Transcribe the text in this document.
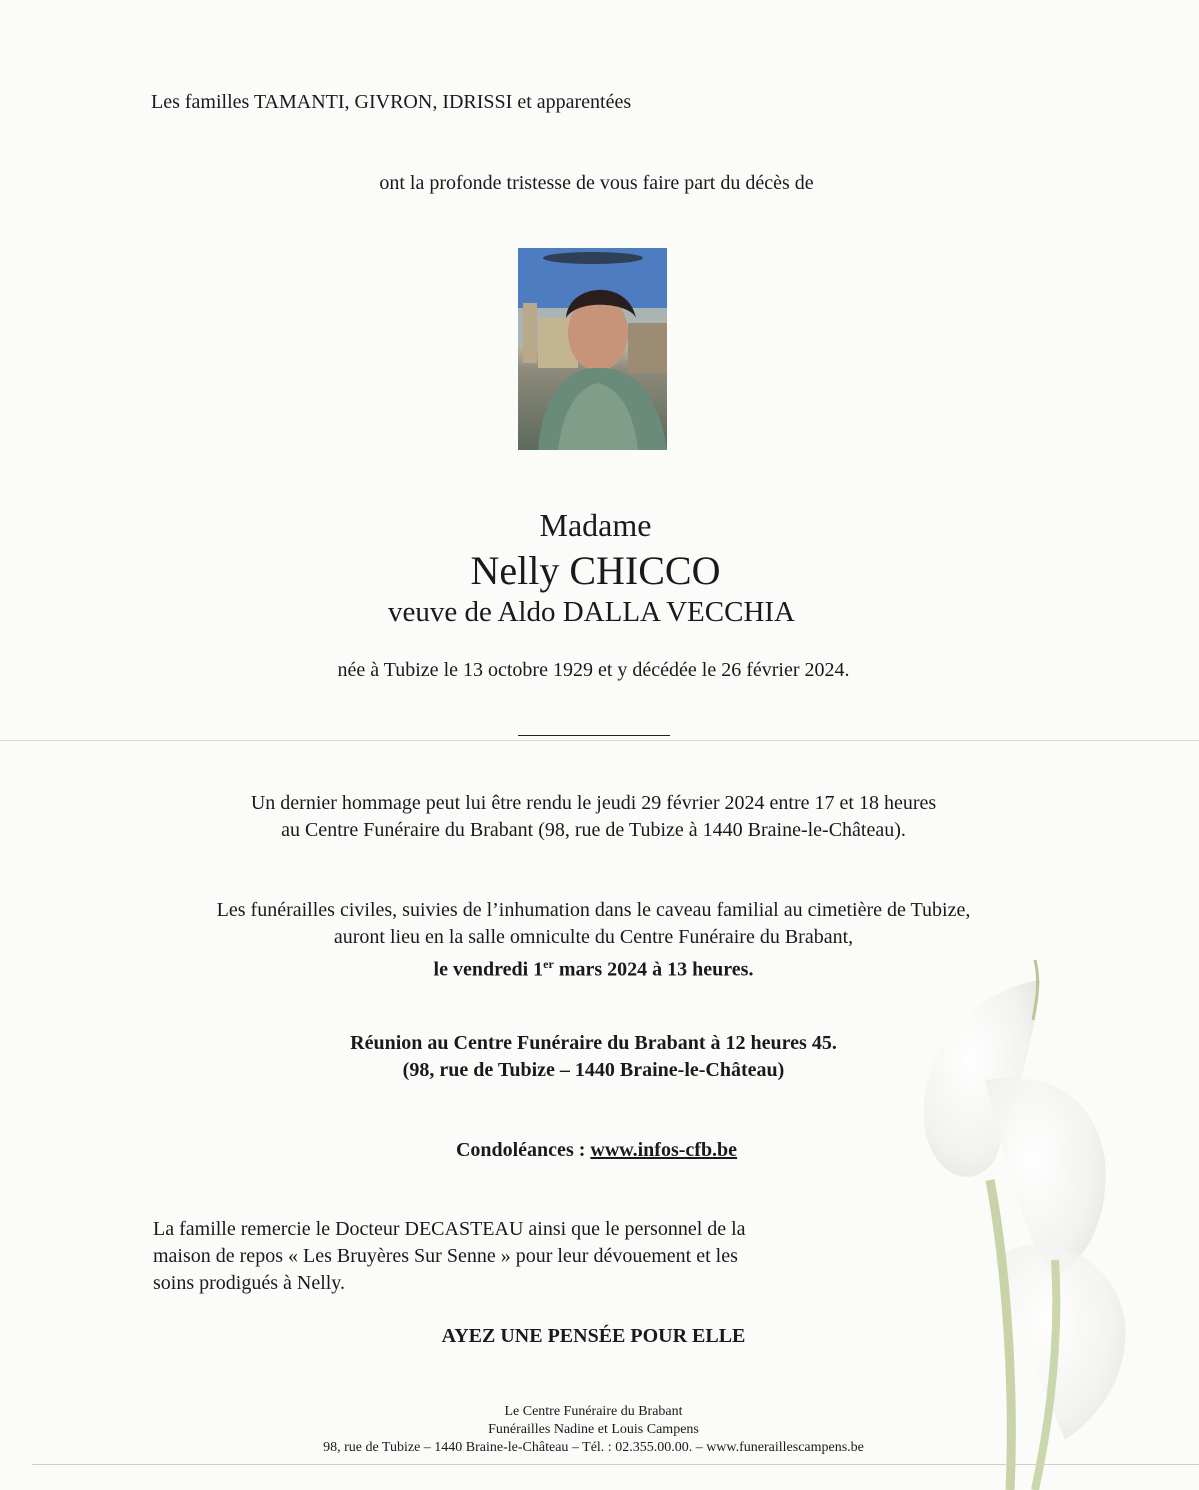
Les familles TAMANTI, GIVRON, IDRISSI et apparentées
ont la profonde tristesse de vous faire part du décès de
Madame
Nelly CHICCO
veuve de Aldo DALLA VECCHIA
née à Tubize le 13 octobre 1929 et y décédée le 26 février 2024.
Un dernier hommage peut lui être rendu le jeudi 29 février 2024 entre 17 et 18 heures
au Centre Funéraire du Brabant (98, rue de Tubize à 1440 Braine-le-Château).
Les funérailles civiles, suivies de l’inhumation dans le caveau familial au cimetière de Tubize,
auront lieu en la salle omniculte du Centre Funéraire du Brabant,
le vendredi 1er mars 2024 à 13 heures.
Réunion au Centre Funéraire du Brabant à 12 heures 45.
(98, rue de Tubize – 1440 Braine-le-Château)
Condoléances : www.infos-cfb.be
La famille remercie le Docteur DECASTEAU ainsi que le personnel de la
maison de repos « Les Bruyères Sur Senne » pour leur dévouement et les
soins prodigués à Nelly.
AYEZ UNE PENSÉE POUR ELLE
Le Centre Funéraire du Brabant
Funérailles Nadine et Louis Campens
98, rue de Tubize – 1440 Braine-le-Château – Tél. : 02.355.00.00. – www.funeraillescampens.be
